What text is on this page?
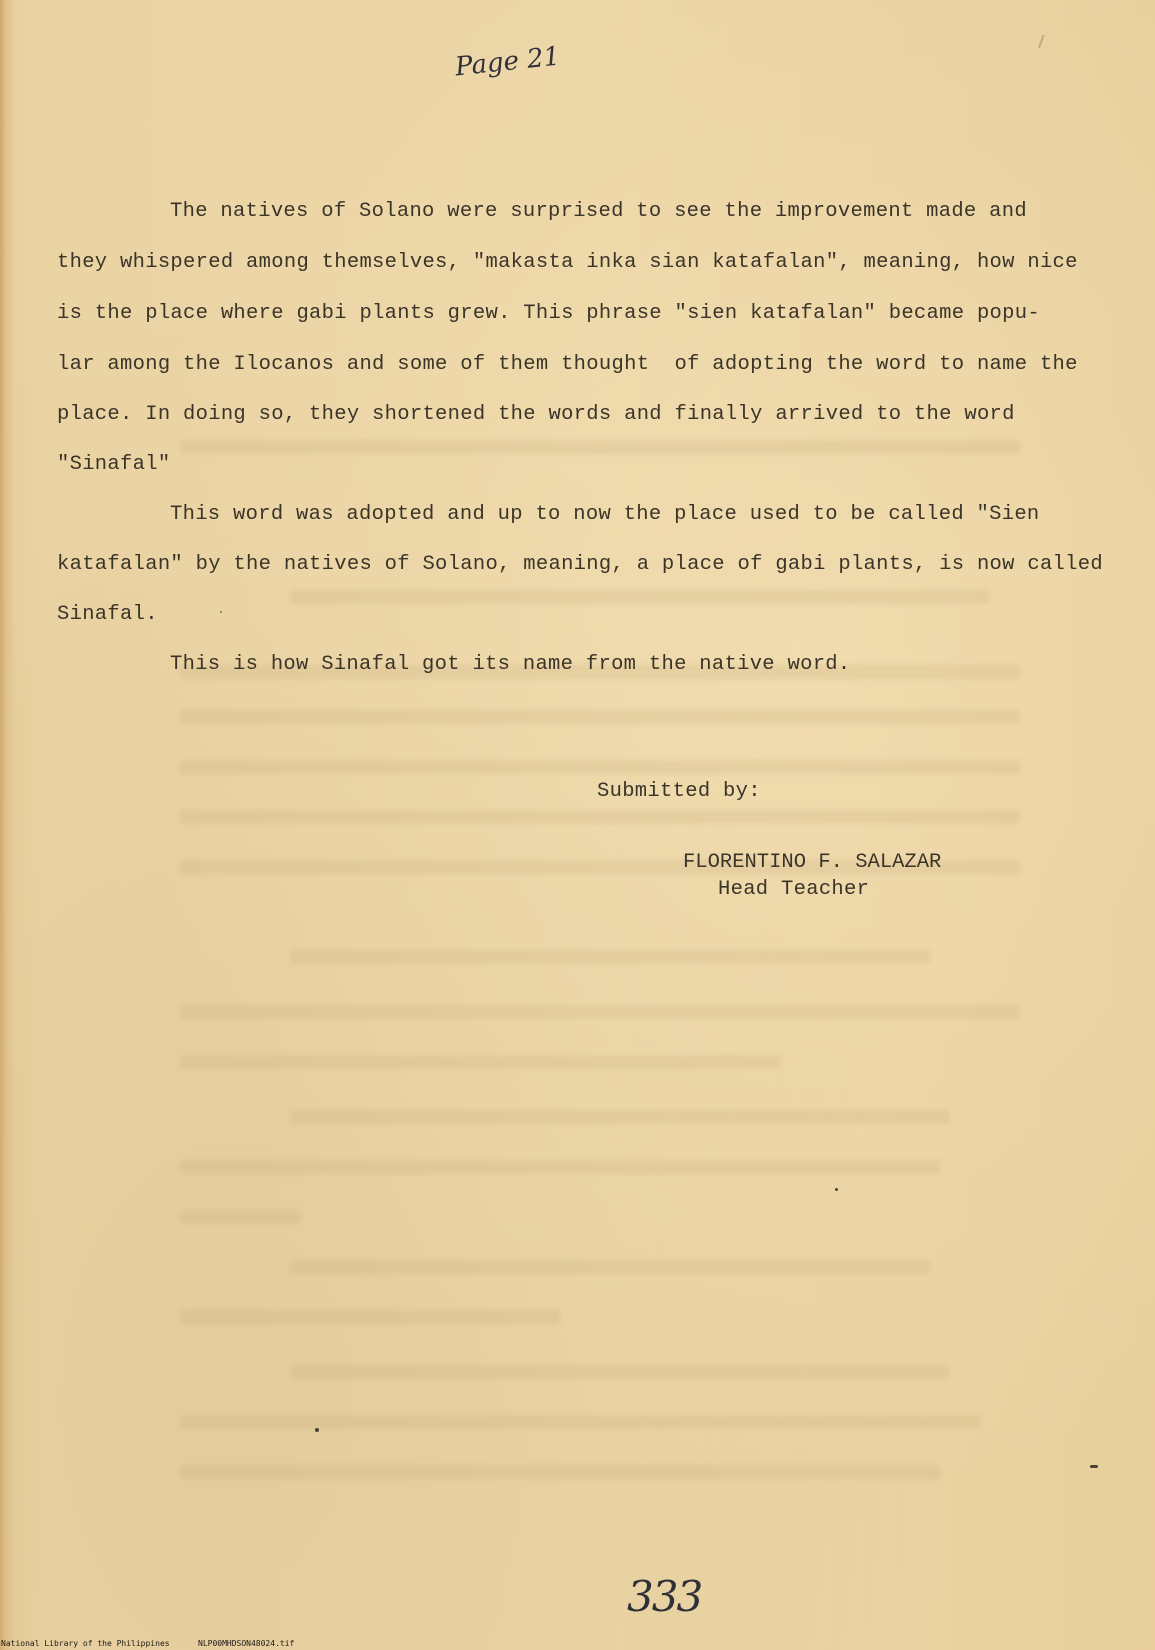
Page 21
The natives of Solano were surprised to see the improvement made and
they whispered among themselves, "makasta inka sian katafalan", meaning, how nice
is the place where gabi plants grew. This phrase "sien katafalan" became popu-
lar among the Ilocanos and some of them thought  of adopting the word to name the
place. In doing so, they shortened the words and finally arrived to the word
"Sinafal"
This word was adopted and up to now the place used to be called "Sien
katafalan" by the natives of Solano, meaning, a place of gabi plants, is now called
Sinafal.
This is how Sinafal got its name from the native word.
Submitted by:
FLORENTINO F. SALAZAR
Head Teacher
333

National Library of the Philippines

	NLP00MHDSON48024.tif
